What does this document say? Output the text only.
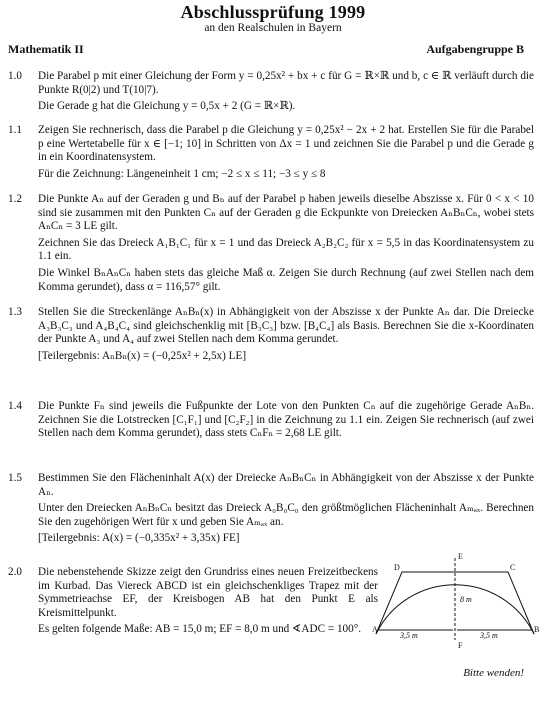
Abschlussprüfung 1999
an den Realschulen in Bayern
Mathematik II	Aufgabengruppe B
1.0	Die Parabel p mit einer Gleichung der Form y = 0,25x² + bx + c für G = ℝ×ℝ und b, c ∈ ℝ verläuft durch die Punkte R(0|2) und T(10|7).

Die Gerade g hat die Gleichung y = 0,5x + 2 (G = ℝ×ℝ).

1.1	Zeigen Sie rechnerisch, dass die Parabel p die Gleichung y = 0,25x² − 2x + 2 hat. Erstellen Sie für die Parabel p eine Wertetabelle für x ∈ [−1; 10] in Schritten von Δx = 1 und zeichnen Sie die Parabel p und die Gerade g in ein Koordinatensystem.

Für die Zeichnung: Längeneinheit 1 cm; −2 ≤ x ≤ 11; −3 ≤ y ≤ 8

1.2	Die Punkte Aₙ auf der Geraden g und Bₙ auf der Parabel p haben jeweils dieselbe Abszisse x. Für 0 < x < 10 sind sie zusammen mit den Punkten Cₙ auf der Geraden g die Eckpunkte von Dreiecken AₙBₙCₙ, wobei stets AₙCₙ = 3 LE gilt.

Zeichnen Sie das Dreieck A₁B₁C₁ für x = 1 und das Dreieck A₂B₂C₂ für x = 5,5 in das Koordinatensystem zu 1.1 ein.

Die Winkel BₙAₙCₙ haben stets das gleiche Maß α. Zeigen Sie durch Rechnung (auf zwei Stellen nach dem Komma gerundet), dass α = 116,57° gilt.

1.3	Stellen Sie die Streckenlänge AₙBₙ(x) in Abhängigkeit von der Abszisse x der Punkte Aₙ dar. Die Dreiecke A₃B₃C₃ und A₄B₄C₄ sind gleichschenklig mit [B₃C₃] bzw. [B₄C₄] als Basis. Berechnen Sie die x-Koordinaten der Punkte A₃ und A₄ auf zwei Stellen nach dem Komma gerundet.

[Teilergebnis: AₙBₙ(x) = (−0,25x² + 2,5x) LE]

1.4	Die Punkte Fₙ sind jeweils die Fußpunkte der Lote von den Punkten Cₙ auf die zugehörige Gerade AₙBₙ. Zeichnen Sie die Lotstrecken [C₁F₁] und [C₂F₂] in die Zeichnung zu 1.1 ein. Zeigen Sie rechnerisch (auf zwei Stellen nach dem Komma gerundet), dass stets CₙFₙ = 2,68 LE gilt.

1.5	Bestimmen Sie den Flächeninhalt A(x) der Dreiecke AₙBₙCₙ in Abhängigkeit von der Abszisse x der Punkte Aₙ.

Unter den Dreiecken AₙBₙCₙ besitzt das Dreieck A₀B₀C₀ den größtmöglichen Flächeninhalt Aₘₐₓ. Berechnen Sie den zugehörigen Wert für x und geben Sie Aₘₐₓ an.

[Teilergebnis: A(x) = (−0,335x² + 3,35x) FE]

2.0	Die nebenstehende Skizze zeigt den Grundriss eines neuen Freizeitbeckens im Kurbad. Das Viereck ABCD ist ein gleichschenkliges Trapez mit der Symmetrieachse EF, der Kreisbogen AB hat den Punkt E als Kreismittelpunkt.

Es gelten folgende Maße: AB = 15,0 m; EF = 8,0 m und ∢ADC = 100°.	A	B
C
D
E
F
3,5 m	3,5 m
8 m
Bitte wenden!
